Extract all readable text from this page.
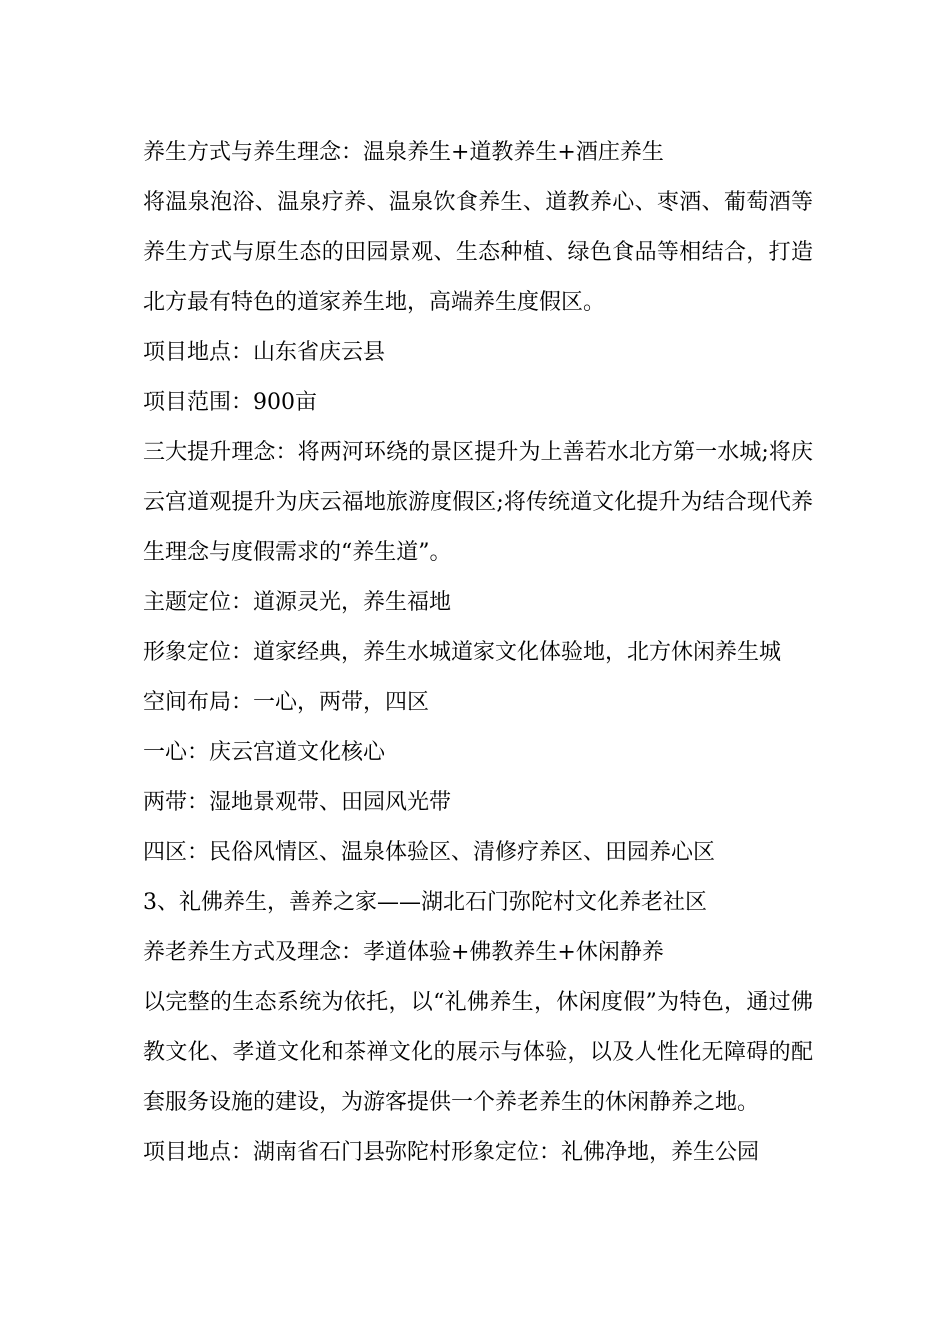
养生方式与养生理念：温泉养生+道教养生+酒庄养生

将温泉泡浴、温泉疗养、温泉饮食养生、道教养心、枣酒、葡萄酒等养生方式与原生态的田园景观、生态种植、绿色食品等相结合，打造北方最有特色的道家养生地，高端养生度假区。

项目地点：山东省庆云县

项目范围：900亩

三大提升理念：将两河环绕的景区提升为上善若水北方第一水城;将庆云宫道观提升为庆云福地旅游度假区;将传统道文化提升为结合现代养生理念与度假需求的“养生道”。

主题定位：道源灵光，养生福地

形象定位：道家经典，养生水城道家文化体验地，北方休闲养生城

空间布局：一心，两带，四区

一心：庆云宫道文化核心

两带：湿地景观带、田园风光带

四区：民俗风情区、温泉体验区、清修疗养区、田园养心区

3、礼佛养生，善养之家——湖北石门弥陀村文化养老社区

养老养生方式及理念：孝道体验+佛教养生+休闲静养

以完整的生态系统为依托，以“礼佛养生，休闲度假”为特色，通过佛教文化、孝道文化和茶禅文化的展示与体验，以及人性化无障碍的配套服务设施的建设，为游客提供一个养老养生的休闲静养之地。

项目地点：湖南省石门县弥陀村形象定位：礼佛净地，养生公园
